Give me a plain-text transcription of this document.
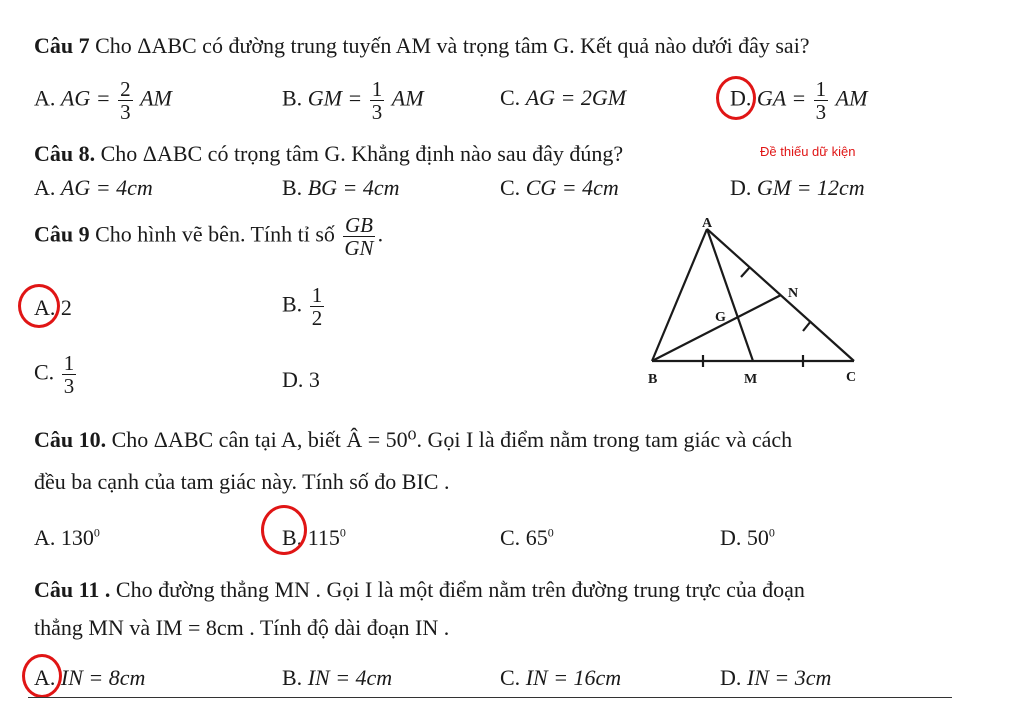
Câu 7 Cho ΔABC có đường trung tuyến AM và trọng tâm G. Kết quả nào dưới đây sai?
A. AG = $\frac{2}{3}$ AM	B. GM = $\frac{1}{3}$ AM	C. AG = 2GM	D. GA = $\frac{1}{3}$ AM
Câu 8. Cho ΔABC có trọng tâm G. Khẳng định nào sau đây đúng?	Đề thiếu dữ kiện
A. AG = 4cm	B. BG = 4cm	C. CG = 4cm	D. GM = 12cm
Câu 9 Cho hình vẽ bên. Tính tỉ số $\frac{GB}{GN}$ .
A. 2	B. $\frac{1}{2}$
C. $\frac{1}{3}$	D. 3
A
B	M	C
N
G
Câu 10. Cho ΔABC cân tại A, biết Â = 50⁰. Gọi I là điểm nằm trong tam giác và cách
đều ba cạnh của tam giác này. Tính số đo BIC .
A. $130^0$	B. $115^0$	C. $65^0$	D. $50^0$
Câu 11 . Cho đường thẳng MN . Gọi I là một điểm nằm trên đường trung trực của đoạn
thẳng MN và IM = 8cm . Tính độ dài đoạn IN .
A. IN = 8cm	B. IN = 4cm	C. IN = 16cm	D. IN = 3cm
